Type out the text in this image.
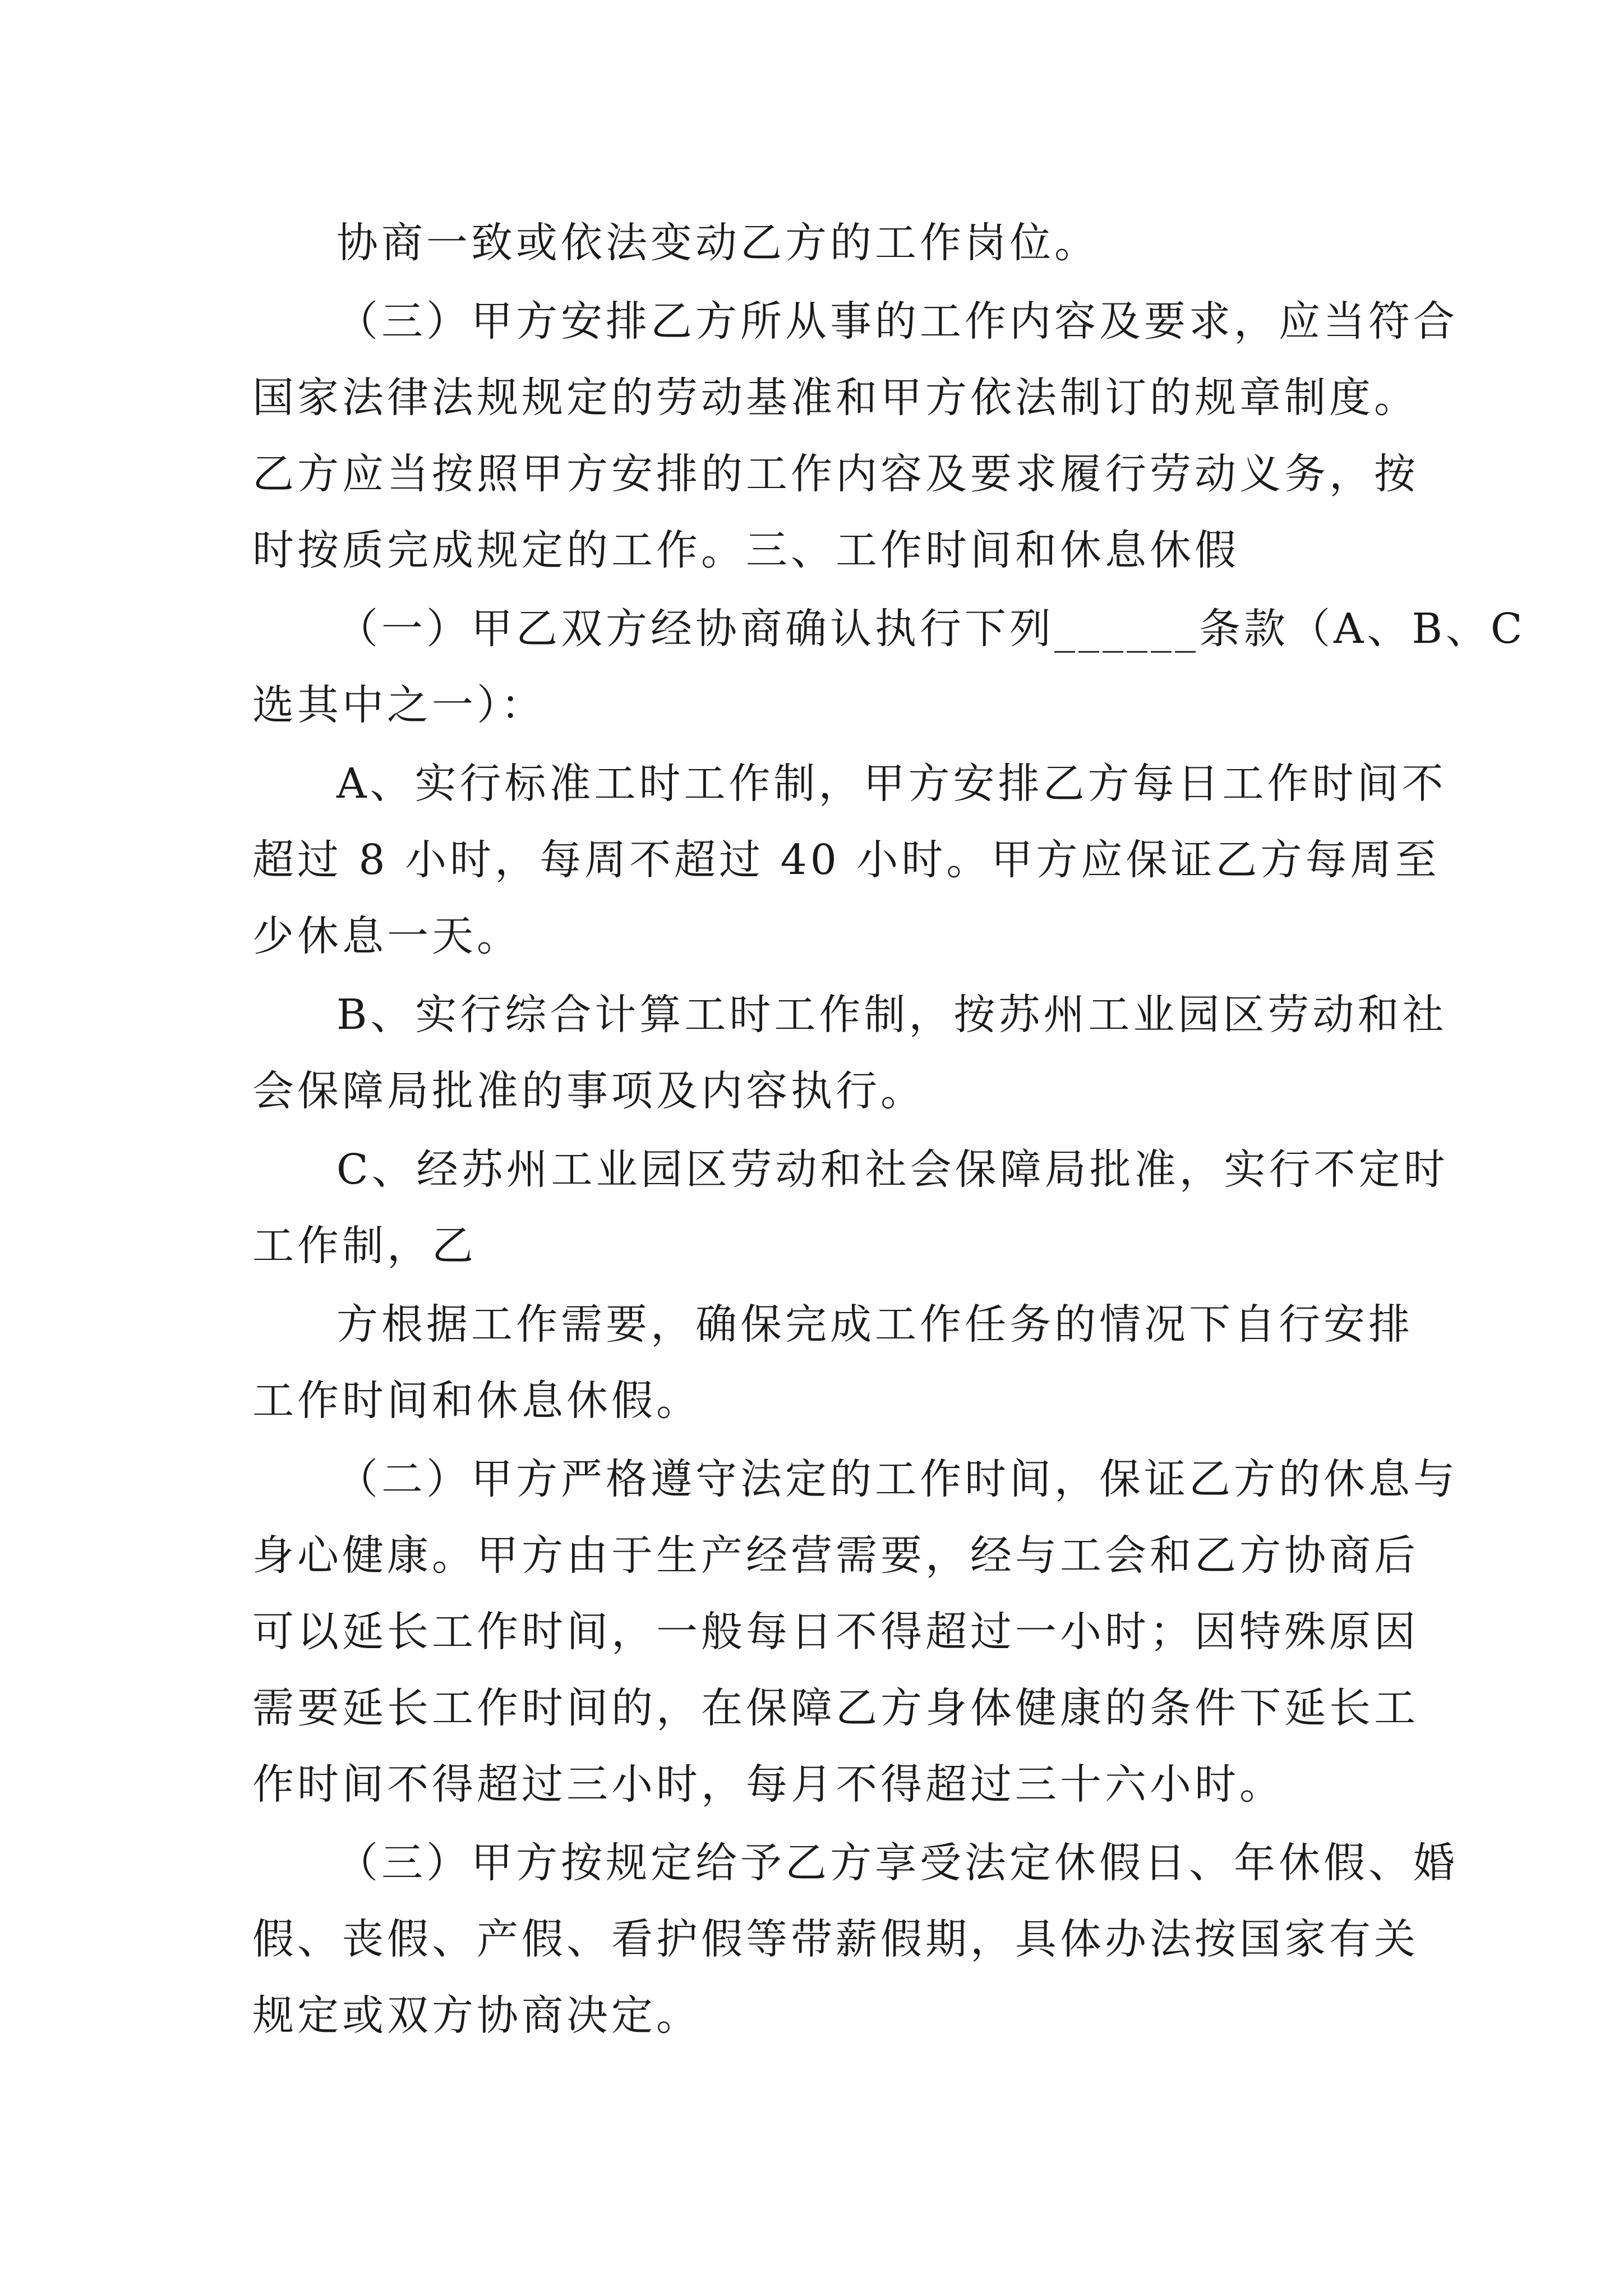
协商一致或依法变动乙方的工作岗位。
（三）甲方安排乙方所从事的工作内容及要求，应当符合
国家法律法规规定的劳动基准和甲方依法制订的规章制度。
乙方应当按照甲方安排的工作内容及要求履行劳动义务，按
时按质完成规定的工作。三、工作时间和休息休假
（一）甲乙双方经协商确认执行下列______条款（A、B、C
选其中之一）：
A、实行标准工时工作制，甲方安排乙方每日工作时间不
超过 8 小时，每周不超过 40 小时。甲方应保证乙方每周至
少休息一天。
B、实行综合计算工时工作制，按苏州工业园区劳动和社
会保障局批准的事项及内容执行。
C、经苏州工业园区劳动和社会保障局批准，实行不定时
工作制，乙
方根据工作需要，确保完成工作任务的情况下自行安排
工作时间和休息休假。
（二）甲方严格遵守法定的工作时间，保证乙方的休息与
身心健康。甲方由于生产经营需要，经与工会和乙方协商后
可以延长工作时间，一般每日不得超过一小时；因特殊原因
需要延长工作时间的，在保障乙方身体健康的条件下延长工
作时间不得超过三小时，每月不得超过三十六小时。
（三）甲方按规定给予乙方享受法定休假日、年休假、婚
假、丧假、产假、看护假等带薪假期，具体办法按国家有关
规定或双方协商决定。
